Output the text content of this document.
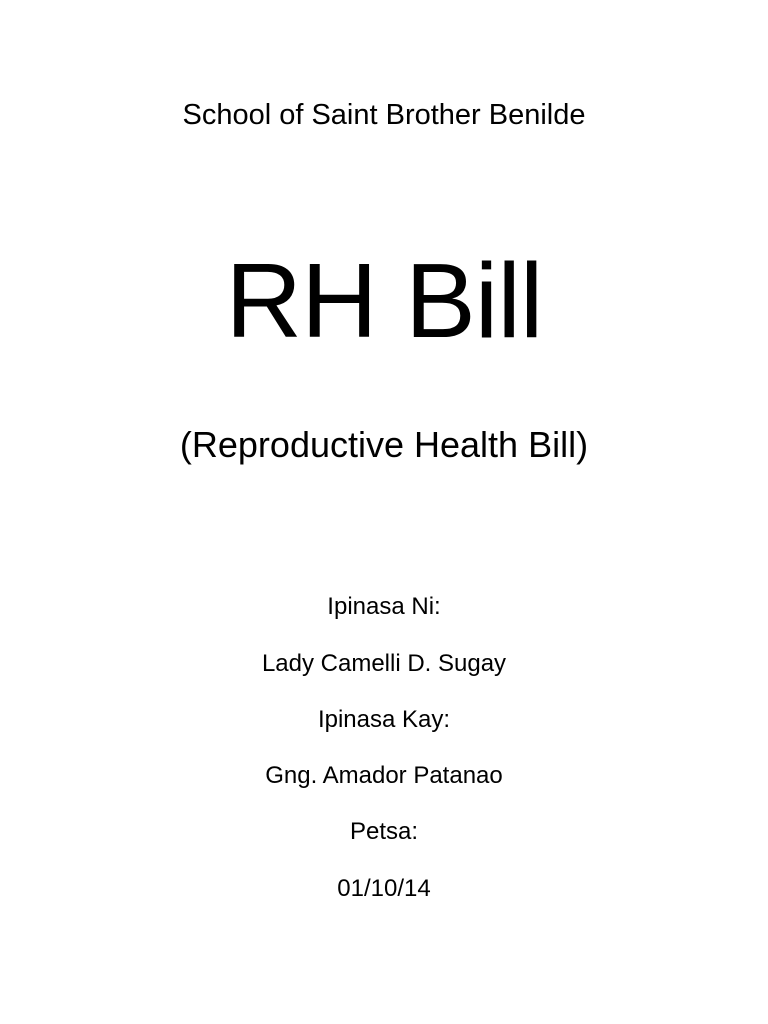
School of Saint Brother Benilde
RH Bill
(Reproductive Health Bill)
Ipinasa Ni:
Lady Camelli D. Sugay
Ipinasa Kay:
Gng. Amador Patanao
Petsa:
01/10/14
